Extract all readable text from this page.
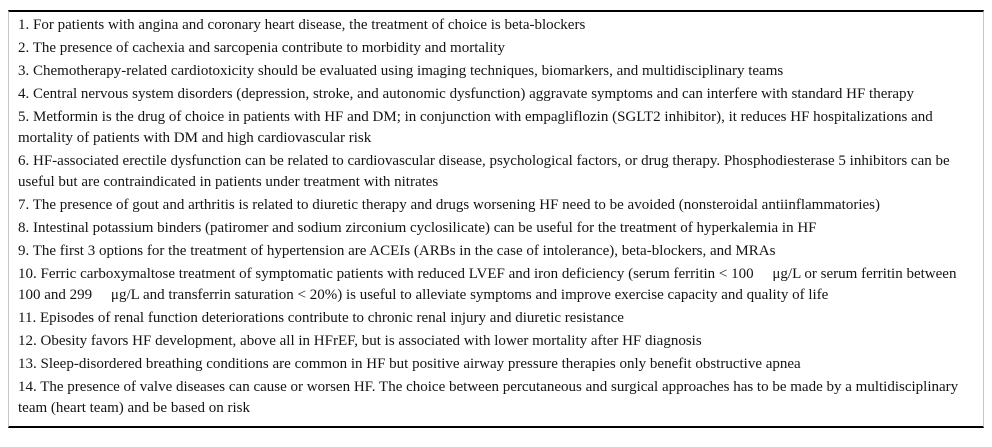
1. For patients with angina and coronary heart disease, the treatment of choice is beta-blockers

2. The presence of cachexia and sarcopenia contribute to morbidity and mortality

3. Chemotherapy-related cardiotoxicity should be evaluated using imaging techniques, biomarkers, and multidisciplinary teams

4. Central nervous system disorders (depression, stroke, and autonomic dysfunction) aggravate symptoms and can interfere with standard HF therapy

5. Metformin is the drug of choice in patients with HF and DM; in conjunction with empagliflozin (SGLT2 inhibitor), it reduces HF hospitalizations and mortality of patients with DM and high cardiovascular risk

6. HF-associated erectile dysfunction can be related to cardiovascular disease, psychological factors, or drug therapy. Phosphodiesterase 5 inhibitors can be useful but are contraindicated in patients under treatment with nitrates

7. The presence of gout and arthritis is related to diuretic therapy and drugs worsening HF need to be avoided (nonsteroidal antiinflammatories)

8. Intestinal potassium binders (patiromer and sodium zirconium cyclosilicate) can be useful for the treatment of hyperkalemia in HF

9. The first 3 options for the treatment of hypertension are ACEIs (ARBs in the case of intolerance), beta-blockers, and MRAs

10. Ferric carboxymaltose treatment of symptomatic patients with reduced LVEF and iron deficiency (serum ferritin < 100     μg/L or serum ferritin between 100 and 299     μg/L and transferrin saturation < 20%) is useful to alleviate symptoms and improve exercise capacity and quality of life

11. Episodes of renal function deteriorations contribute to chronic renal injury and diuretic resistance

12. Obesity favors HF development, above all in HFrEF, but is associated with lower mortality after HF diagnosis

13. Sleep-disordered breathing conditions are common in HF but positive airway pressure therapies only benefit obstructive apnea

14. The presence of valve diseases can cause or worsen HF. The choice between percutaneous and surgical approaches has to be made by a multidisciplinary team (heart team) and be based on risk
